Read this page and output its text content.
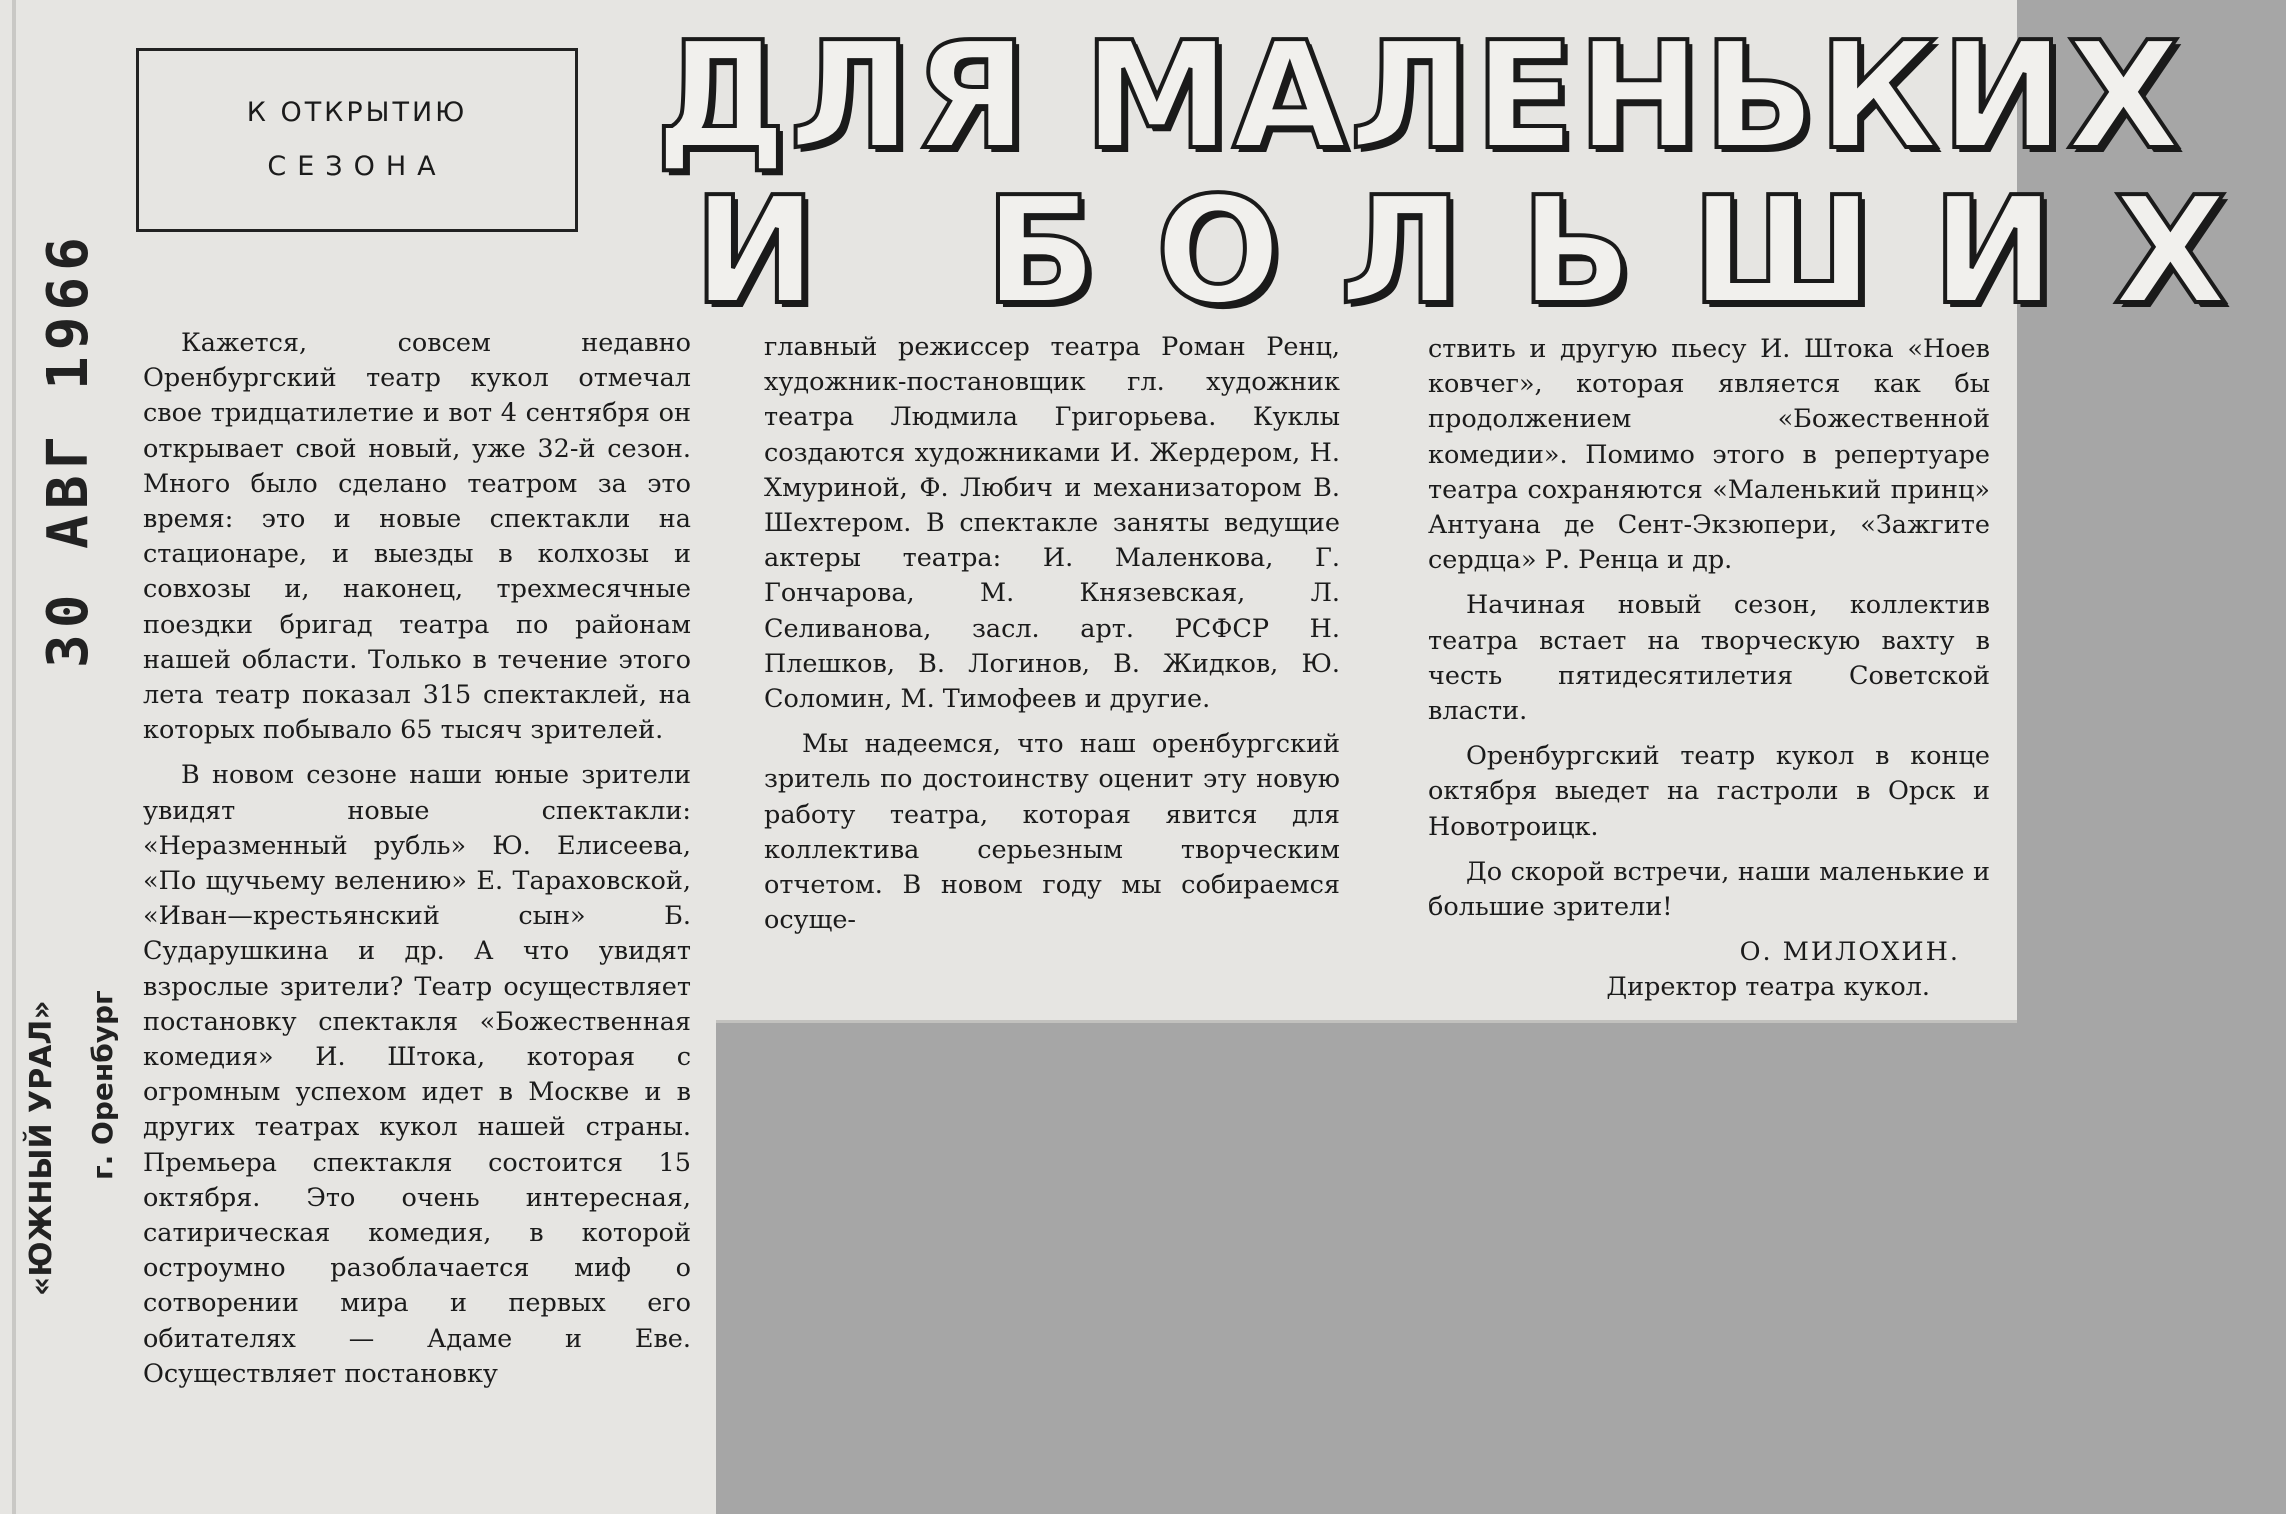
К ОТКРЫТИЮ
СЕЗОНА ДЛЯ МАЛЕНЬКИХ
И БОЛЬШИХ
30 АВГ 1966
«ЮЖНЫЙ УРАЛ» г. Оренбург

Кажется, совсем недавно Оренбургский театр кукол отмечал свое тридцатилетие и вот 4 сентября он открывает свой новый, уже 32-й сезон. Много было сделано театром за это время: это и новые спектакли на стационаре, и выезды в колхозы и совхозы и, наконец, трехмесячные поездки бригад театра по районам нашей области. Только в течение этого лета театр показал 315 спектаклей, на которых побывало 65 тысяч зрителей.

В новом сезоне наши юные зрители увидят новые спектакли: «Неразменный рубль» Ю. Елисеева, «По щучьему велению» Е. Тараховской, «Иван—крестьянский сын» Б. Сударушкина и др. А что увидят взрослые зрители? Театр осуществляет постановку спектакля «Божественная комедия» И. Штока, которая с огромным успехом идет в Москве и в других театрах кукол нашей страны. Премьера спектакля состоится 15 октября. Это очень интересная, сатирическая комедия, в которой остроумно разоблачается миф о сотворении мира и первых его обитателях — Адаме и Еве. Осуществляет постановку

главный режиссер театра Роман Ренц, художник-постановщик гл. художник театра Людмила Григорьева. Куклы создаются художниками И. Жердером, Н. Хмуриной, Ф. Любич и механизатором В. Шехтером. В спектакле заняты ведущие актеры театра: И. Маленкова, Г. Гончарова, М. Князевская, Л. Селиванова, засл. арт. РСФСР Н. Плешков, В. Логинов, В. Жидков, Ю. Соломин, М. Тимофеев и другие.

Мы надеемся, что наш оренбургский зритель по достоинству оценит эту новую работу театра, которая явится для коллектива серьезным творческим отчетом. В новом году мы собираемся осуще-

ствить и другую пьесу И. Штока «Ноев ковчег», которая является как бы продолжением «Божественной комедии». Помимо этого в репертуаре театра сохраняются «Маленький принц» Антуана де Сент-Экзюпери, «Зажгите сердца» Р. Ренца и др.

Начиная новый сезон, коллектив театра встает на творческую вахту в честь пятидесятилетия Советской власти.

Оренбургский театр кукол в конце октября выедет на гастроли в Орск и Новотроицк.

До скорой встречи, наши маленькие и большие зрители!

О. МИЛОХИН.
Директор театра кукол.
